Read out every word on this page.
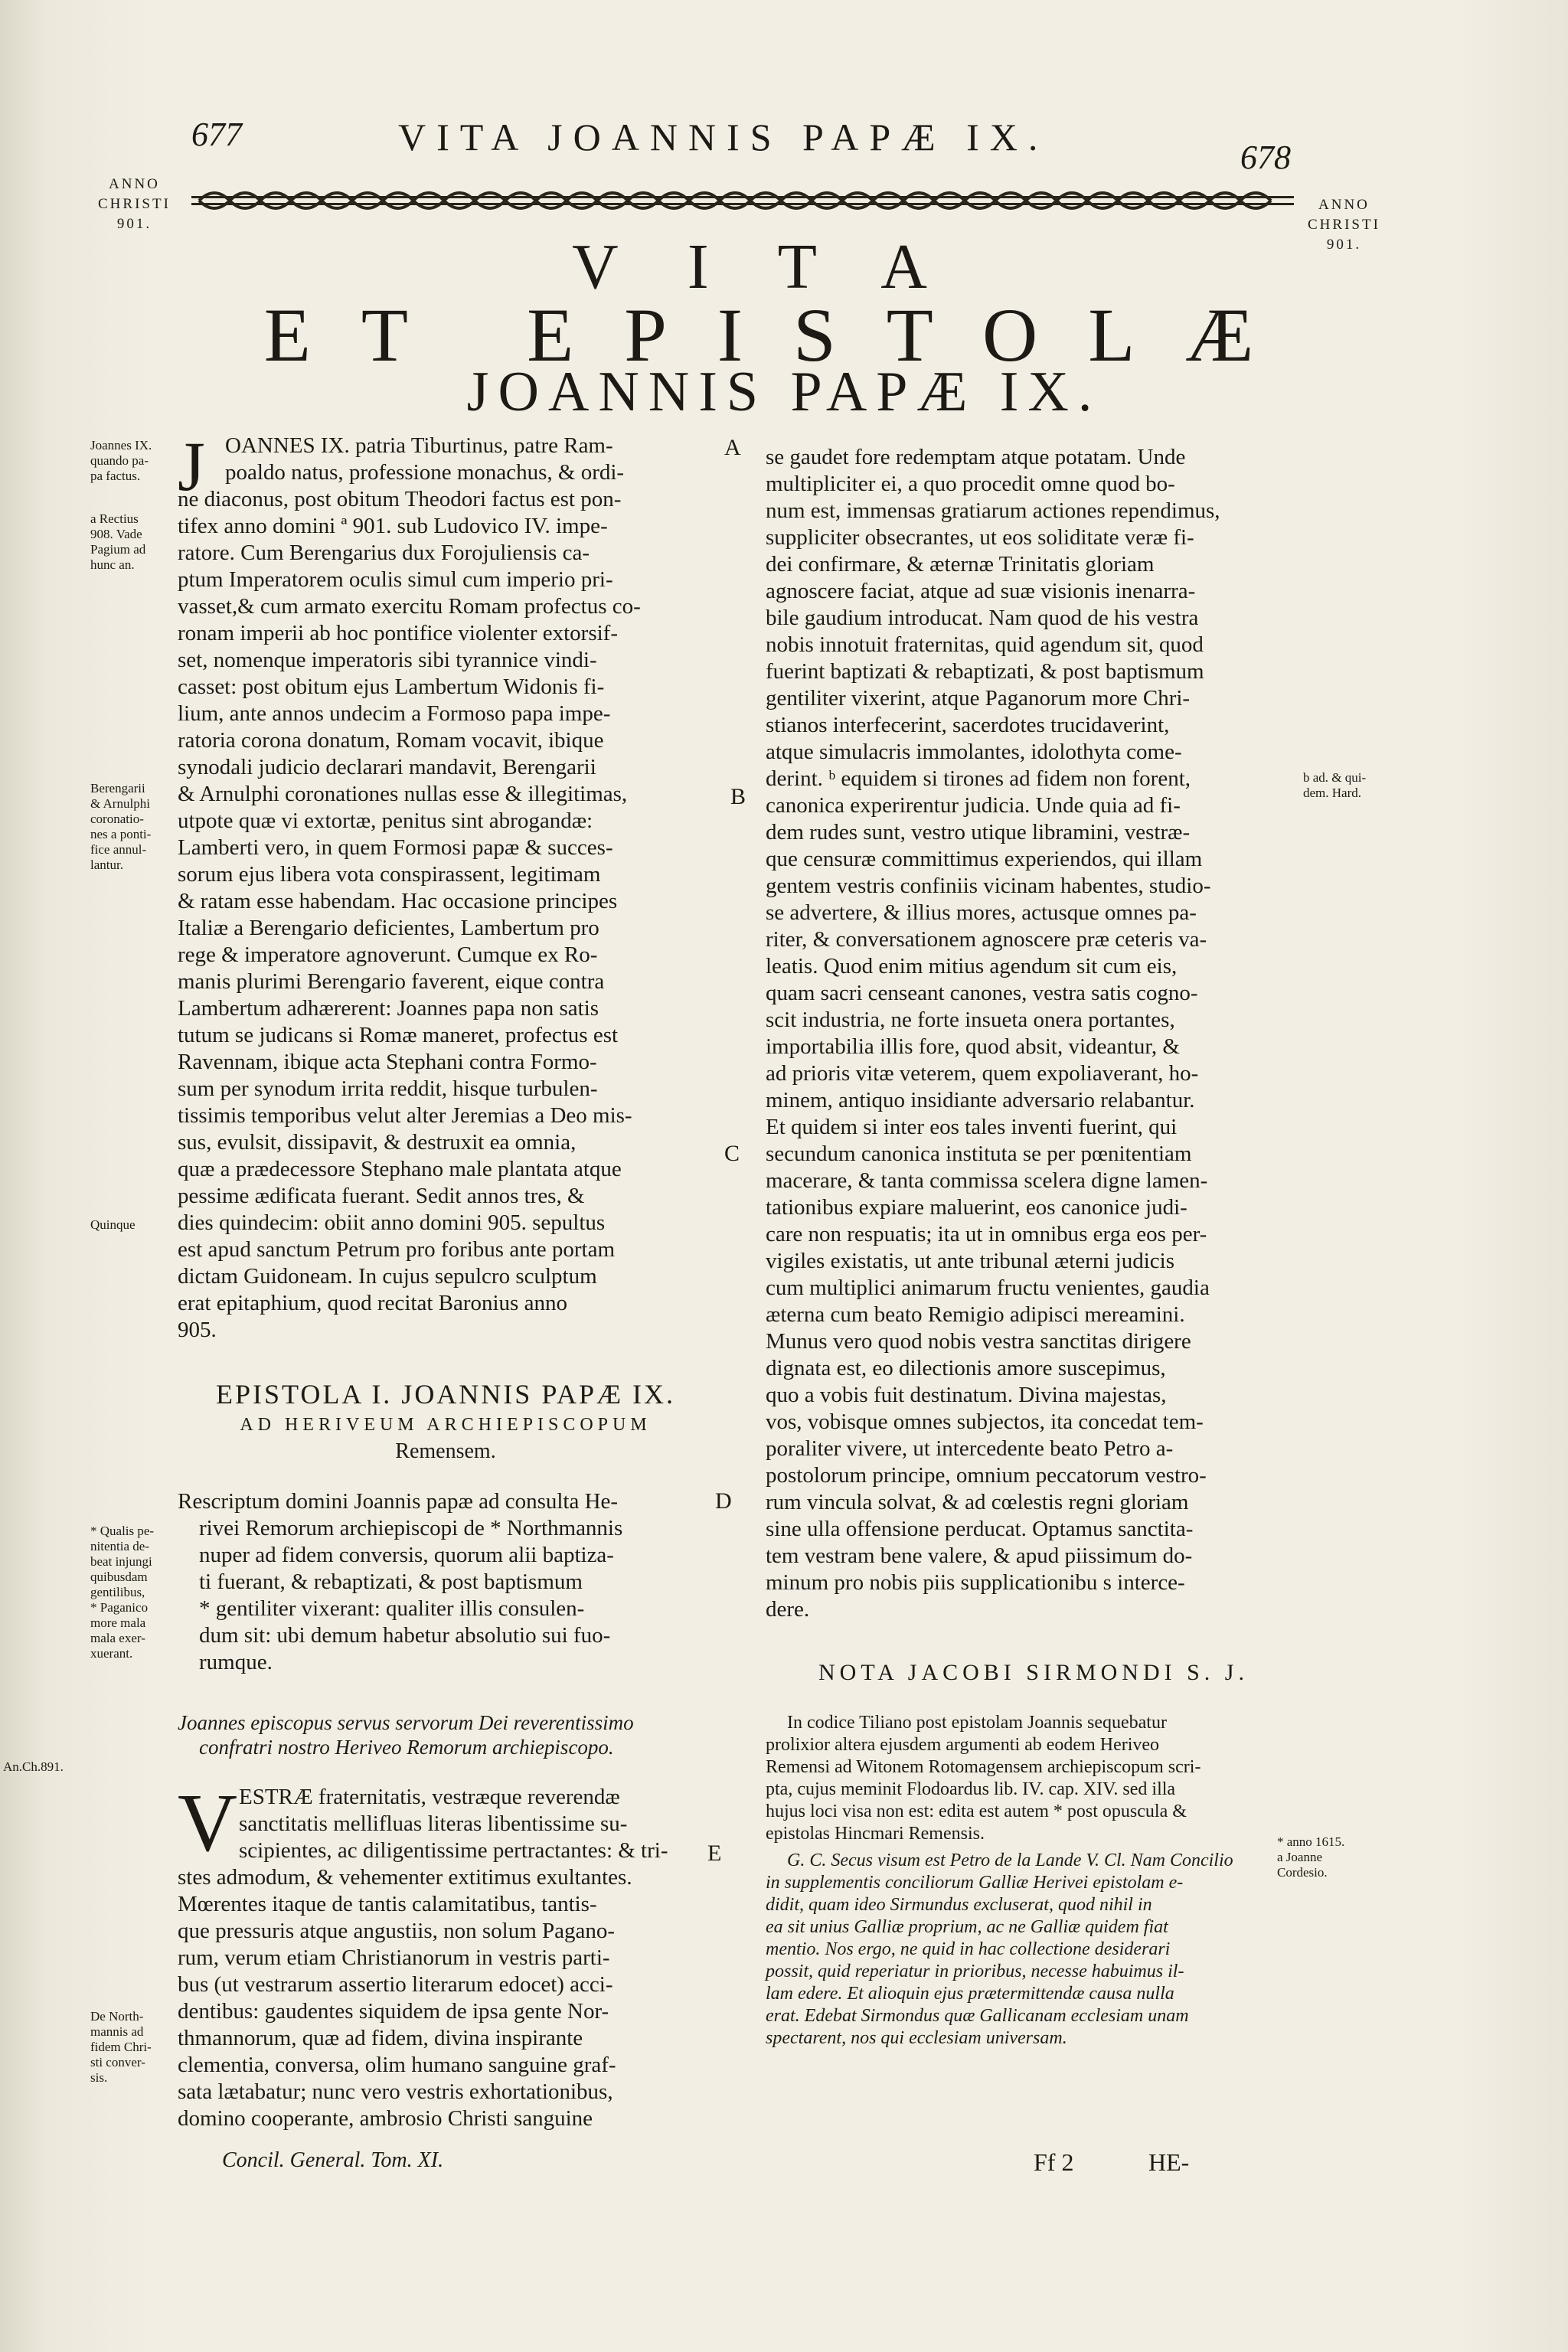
677	VITA JOANNIS PAPÆ IX.	678
ANNO
CHRISTI
901.
ANNO
CHRISTI
901.
VITA
ET EPISTOLÆ
JOANNIS PAPÆ IX.
J OANNES IX. patria Tiburtinus, patre Ram-
poaldo natus, professione monachus, & ordi-
ne diaconus, post obitum Theodori factus est pon-
tifex anno domini ª 901. sub Ludovico IV. impe-
ratore. Cum Berengarius dux Forojuliensis ca-
ptum Imperatorem oculis simul cum imperio pri-
vasset,& cum armato exercitu Romam profectus co-
ronam imperii ab hoc pontifice violenter extorsif-
set, nomenque imperatoris sibi tyrannice vindi-
casset: post obitum ejus Lambertum Widonis fi-
lium, ante annos undecim a Formoso papa impe-
ratoria corona donatum, Romam vocavit, ibique
synodali judicio declarari mandavit, Berengarii
& Arnulphi coronationes nullas esse & illegitimas,
utpote quæ vi extortæ, penitus sint abrogandæ:
Lamberti vero, in quem Formosi papæ & succes-
sorum ejus libera vota conspirassent, legitimam
& ratam esse habendam. Hac occasione principes
Italiæ a Berengario deficientes, Lambertum pro
rege & imperatore agnoverunt. Cumque ex Ro-
manis plurimi Berengario faverent, eique contra
Lambertum adhærerent: Joannes papa non satis
tutum se judicans si Romæ maneret, profectus est
Ravennam, ibique acta Stephani contra Formo-
sum per synodum irrita reddit, hisque turbulen-
tissimis temporibus velut alter Jeremias a Deo mis-
sus, evulsit, dissipavit, & destruxit ea omnia,
quæ a prædecessore Stephano male plantata atque
pessime ædificata fuerant. Sedit annos tres, &
dies quindecim: obiit anno domini 905. sepultus
est apud sanctum Petrum pro foribus ante portam
dictam Guidoneam. In cujus sepulcro sculptum
erat epitaphium, quod recitat Baronius anno
905.
EPISTOLA I. JOANNIS PAPÆ IX.
AD HERIVEUM ARCHIEPISCOPUM
Remensem.
Rescriptum domini Joannis papæ ad consulta He-
rivei Remorum archiepiscopi de * Northmannis
nuper ad fidem conversis, quorum alii baptiza-
ti fuerant, & rebaptizati, & post baptismum
* gentiliter vixerant: qualiter illis consulen-
dum sit: ubi demum habetur absolutio sui fuo-
rumque.
Joannes episcopus servus servorum Dei reverentissimo
confratri nostro Heriveo Remorum archiepiscopo.
V ESTRÆ fraternitatis, vestræque reverendæ
sanctitatis mellifluas literas libentissime su-
scipientes, ac diligentissime pertractantes: & tri-
stes admodum, & vehementer extitimus exultantes.
Mœrentes itaque de tantis calamitatibus, tantis-
que pressuris atque angustiis, non solum Pagano-
rum, verum etiam Christianorum in vestris parti-
bus (ut vestrarum assertio literarum edocet) acci-
dentibus: gaudentes siquidem de ipsa gente Nor-
thmannorum, quæ ad fidem, divina inspirante
clementia, conversa, olim humano sanguine graf-
sata lætabatur; nunc vero vestris exhortationibus,
domino cooperante, ambrosio Christi sanguine
se gaudet fore redemptam atque potatam. Unde
multipliciter ei, a quo procedit omne quod bo-
num est, immensas gratiarum actiones rependimus,
suppliciter obsecrantes, ut eos soliditate veræ fi-
dei confirmare, & æternæ Trinitatis gloriam
agnoscere faciat, atque ad suæ visionis inenarra-
bile gaudium introducat. Nam quod de his vestra
nobis innotuit fraternitas, quid agendum sit, quod
fuerint baptizati & rebaptizati, & post baptismum
gentiliter vixerint, atque Paganorum more Chri-
stianos interfecerint, sacerdotes trucidaverint,
atque simulacris immolantes, idolothyta come-
derint. ᵇ equidem si tirones ad fidem non forent,
canonica experirentur judicia. Unde quia ad fi-
dem rudes sunt, vestro utique libramini, vestræ-
que censuræ committimus experiendos, qui illam
gentem vestris confiniis vicinam habentes, studio-
se advertere, & illius mores, actusque omnes pa-
riter, & conversationem agnoscere præ ceteris va-
leatis. Quod enim mitius agendum sit cum eis,
quam sacri censeant canones, vestra satis cogno-
scit industria, ne forte insueta onera portantes,
importabilia illis fore, quod absit, videantur, &
ad prioris vitæ veterem, quem expoliaverant, ho-
minem, antiquo insidiante adversario relabantur.
Et quidem si inter eos tales inventi fuerint, qui
secundum canonica instituta se per pœnitentiam
macerare, & tanta commissa scelera digne lamen-
tationibus expiare maluerint, eos canonice judi-
care non respuatis; ita ut in omnibus erga eos per-
vigiles existatis, ut ante tribunal æterni judicis
cum multiplici animarum fructu venientes, gaudia
æterna cum beato Remigio adipisci mereamini.
Munus vero quod nobis vestra sanctitas dirigere
dignata est, eo dilectionis amore suscepimus,
quo a vobis fuit destinatum. Divina majestas,
vos, vobisque omnes subjectos, ita concedat tem-
poraliter vivere, ut intercedente beato Petro a-
postolorum principe, omnium peccatorum vestro-
rum vincula solvat, & ad cœlestis regni gloriam
sine ulla offensione perducat. Optamus sanctita-
tem vestram bene valere, & apud piissimum do-
minum pro nobis piis supplicationibu s interce-
dere.
NOTA JACOBI SIRMONDI S. J.
In codice Tiliano post epistolam Joannis sequebatur
prolixior altera ejusdem argumenti ab eodem Heriveo
Remensi ad Witonem Rotomagensem archiepiscopum scri-
pta, cujus meminit Flodoardus lib. IV. cap. XIV. sed illa
hujus loci visa non est: edita est autem * post opuscula &
epistolas Hincmari Remensis.
G. C. Secus visum est Petro de la Lande V. Cl. Nam Concilio
in supplementis conciliorum Galliæ Herivei epistolam e-
didit, quam ideo Sirmundus excluserat, quod nihil in
ea sit unius Galliæ proprium, ac ne Galliæ quidem fiat
mentio. Nos ergo, ne quid in hac collectione desiderari
possit, quid reperiatur in prioribus, necesse habuimus il-
lam edere. Et alioquin ejus prætermittendæ causa nulla
erat. Edebat Sirmondus quæ Gallicanam ecclesiam unam
spectarent, nos qui ecclesiam universam.
Joannes IX.
quando pa-
pa factus.
a Rectius
908. Vade
Pagium ad
hunc an.
Berengarii
& Arnulphi
coronatio-
nes a ponti-
fice annul-
lantur.
Quinque
* Qualis pe-
nitentia de-
beat injungi
quibusdam
gentilibus,
* Paganico
more mala
mala exer-
xuerant.
An.Ch.891.
De North-
mannis ad
fidem Chri-
sti conver-
sis.
b ad. & qui-
dem. Hard.
* anno 1615.
a Joanne
Cordesio.
A
B
C
D
E
Concil. General. Tom. XI.	Ff 2	HE-
